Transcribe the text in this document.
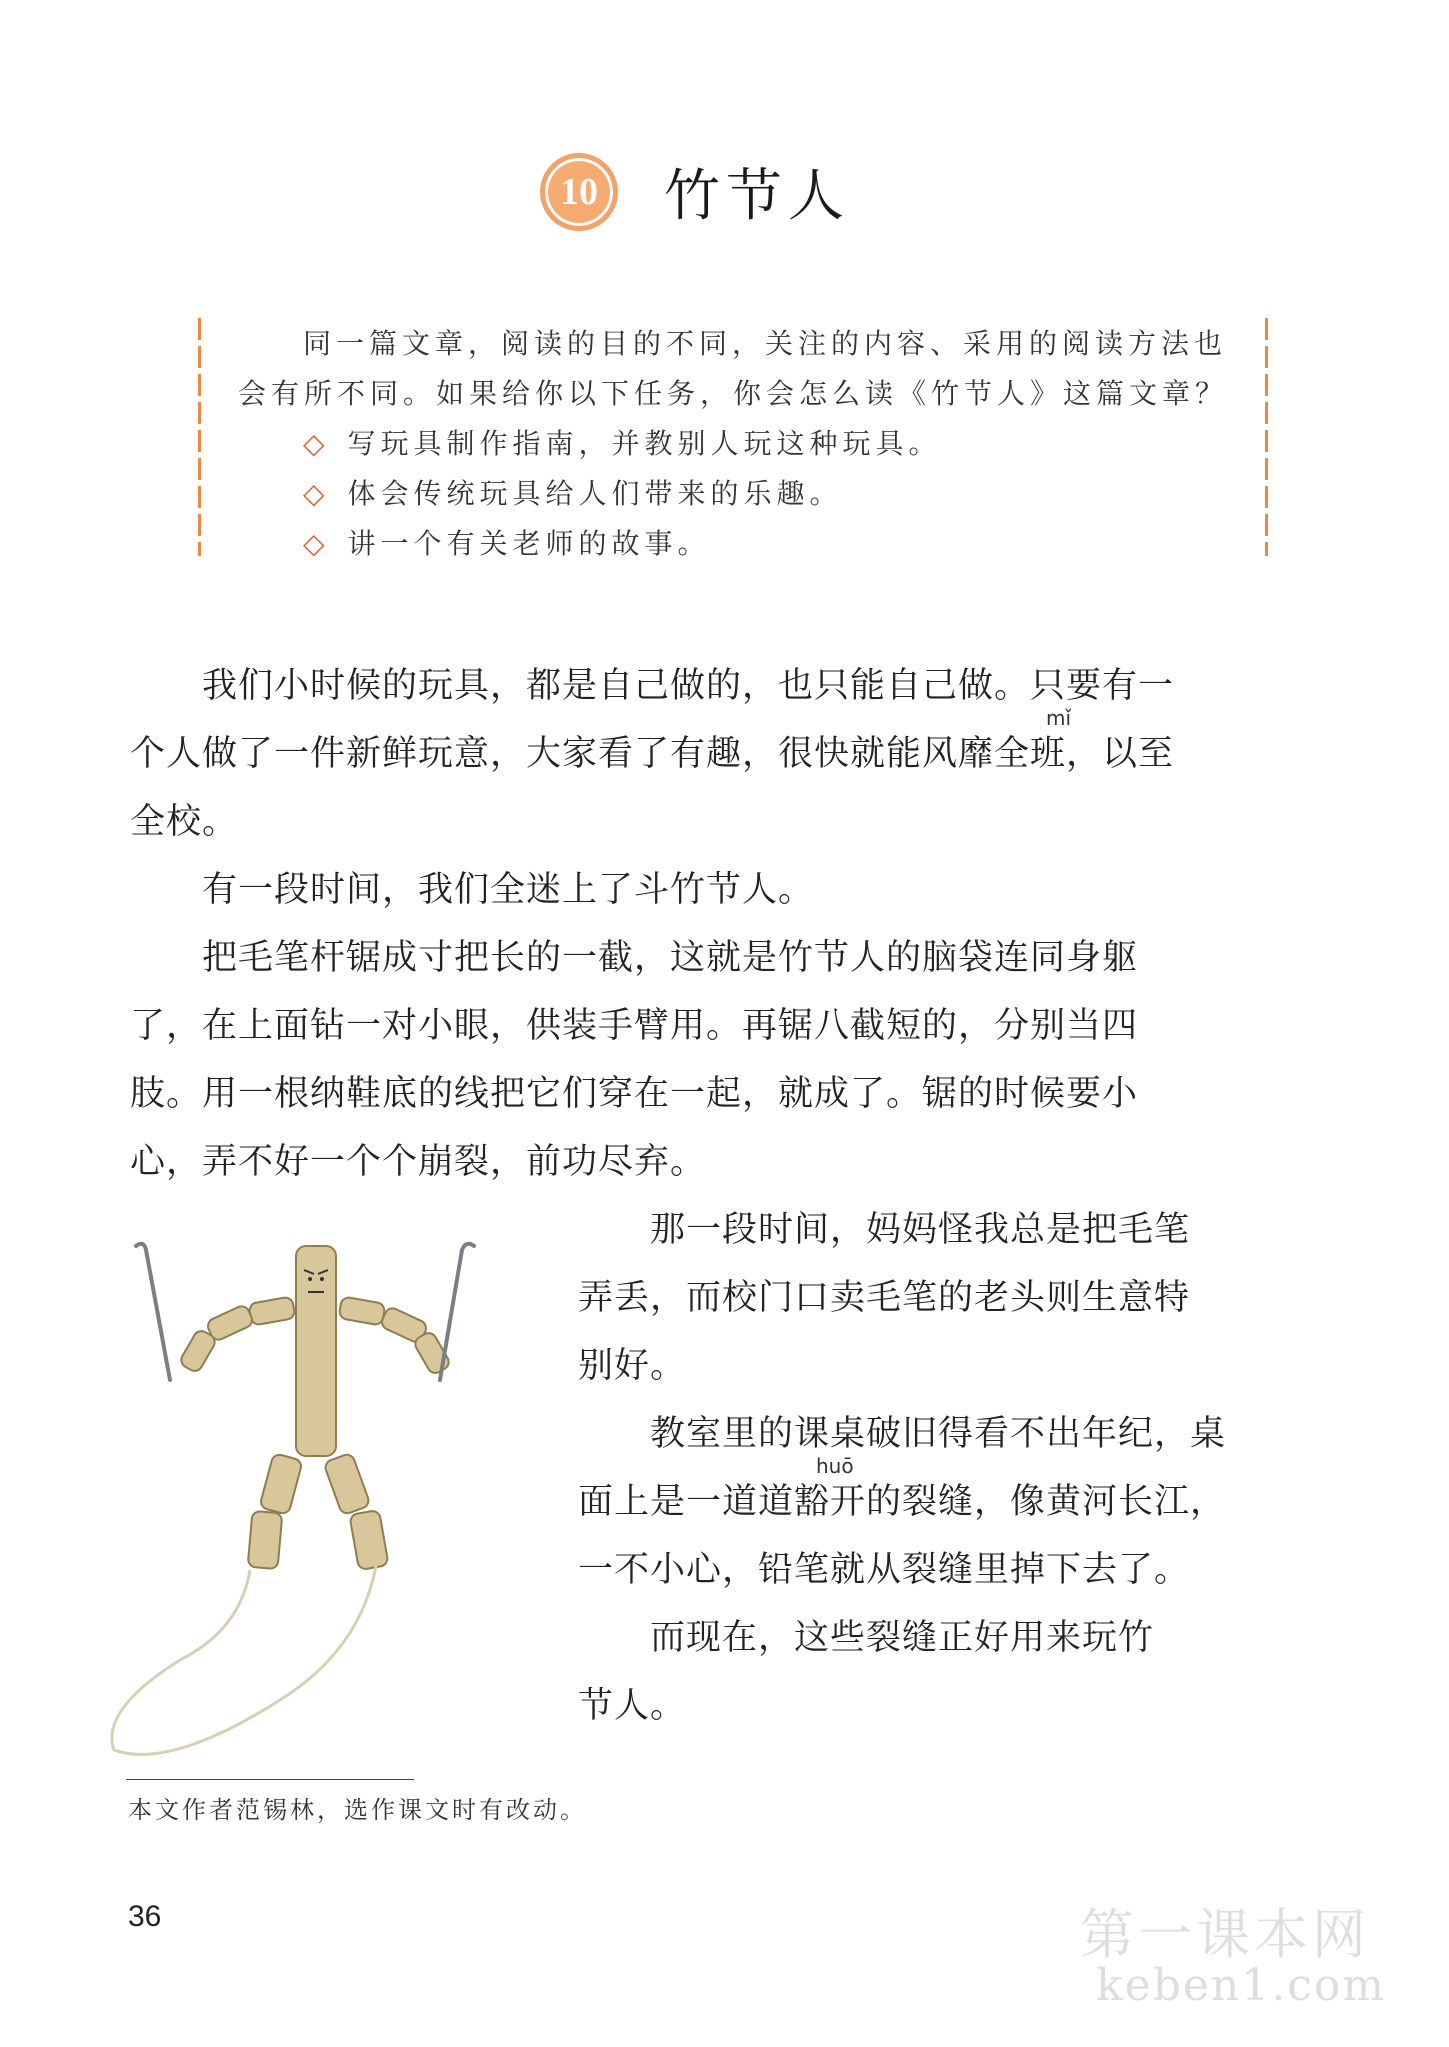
10	竹节人
同一篇文章，阅读的目的不同，关注的内容、采用的阅读方法也
会有所不同。如果给你以下任务，你会怎么读《竹节人》这篇文章？
◇ 写玩具制作指南，并教别人玩这种玩具。
◇ 体会传统玩具给人们带来的乐趣。
◇ 讲一个有关老师的故事。
　　我们小时候的玩具，都是自己做的，也只能自己做。只要有一
个人做了一件新鲜玩意，大家看了有趣，很快就能风靡全班，以至
mǐ
全校。
　　有一段时间，我们全迷上了斗竹节人。
　　把毛笔杆锯成寸把长的一截，这就是竹节人的脑袋连同身躯
了，在上面钻一对小眼，供装手臂用。再锯八截短的，分别当四
肢。用一根纳鞋底的线把它们穿在一起，就成了。锯的时候要小
心，弄不好一个个崩裂，前功尽弃。
　　那一段时间，妈妈怪我总是把毛笔
弄丢，而校门口卖毛笔的老头则生意特
别好。
　　教室里的课桌破旧得看不出年纪，桌
面上是一道道豁开的裂缝，像黄河长江，
huō
一不小心，铅笔就从裂缝里掉下去了。
　　而现在，这些裂缝正好用来玩竹
节人。
本文作者范锡林，选作课文时有改动。
36	第一课本网
keben1.com
